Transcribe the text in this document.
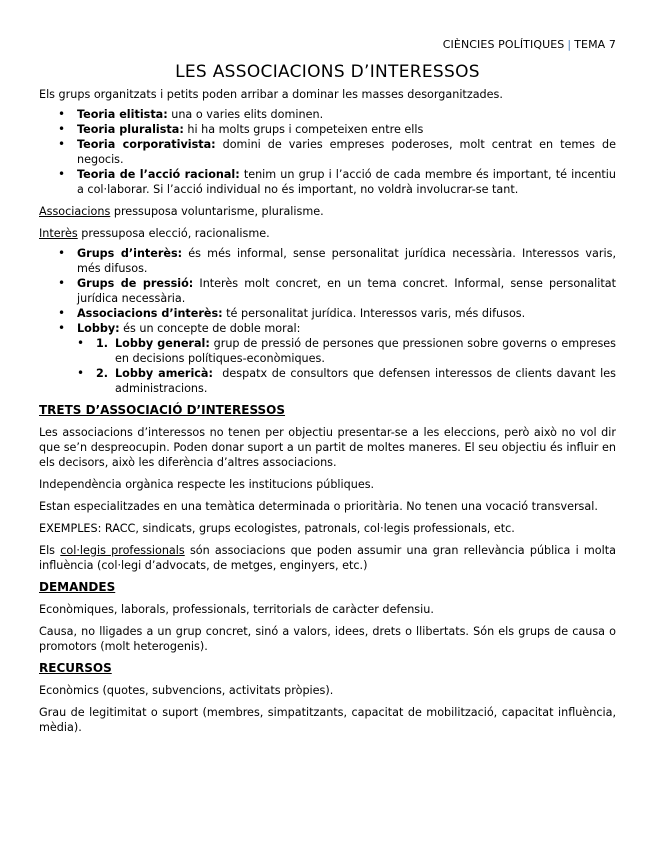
CIÈNCIES POLÍTIQUES | TEMA 7
LES ASSOCIACIONS D’INTERESSOS

Els grups organitzats i petits poden arribar a dominar les masses desorganitzades.

• Teoria elitista: una o varies elits dominen.
• Teoria pluralista: hi ha molts grups i competeixen entre ells
• Teoria corporativista: domini de varies empreses poderoses, molt centrat en temes de negocis.
• Teoria de l’acció racional: tenim un grup i l’acció de cada membre és important, té incentiu a col·laborar. Si l’acció individual no és important, no voldrà involucrar-se tant.

Associacions pressuposa voluntarisme, pluralisme.

Interès pressuposa elecció, racionalisme.

• Grups d’interès: és més informal, sense personalitat jurídica necessària. Interessos varis, més difusos.
• Grups de pressió: Interès molt concret, en un tema concret. Informal, sense personalitat jurídica necessària.
• Associacions d’interès: té personalitat jurídica. Interessos varis, més difusos.
• Lobby: és un concepte de doble moral:
• 1. Lobby general: grup de pressió de persones que pressionen sobre governs o empreses en decisions polítiques-econòmiques.
• 2. Lobby americà:  despatx de consultors que defensen interessos de clients davant les administracions.
TRETS D’ASSOCIACIÓ D’INTERESSOS

Les associacions d’interessos no tenen per objectiu presentar-se a les eleccions, però això no vol dir que se’n despreocupin. Poden donar suport a un partit de moltes maneres. El seu objectiu és influir en els decisors, això les diferència d’altres associacions.

Independència orgànica respecte les institucions públiques.

Estan especialitzades en una temàtica determinada o prioritària. No tenen una vocació transversal.

EXEMPLES: RACC, sindicats, grups ecologistes, patronals, col·legis professionals, etc.

Els col·legis professionals són associacions que poden assumir una gran rellevància pública i molta influència (col·legi d’advocats, de metges, enginyers, etc.)

DEMANDES

Econòmiques, laborals, professionals, territorials de caràcter defensiu.

Causa, no lligades a un grup concret, sinó a valors, idees, drets o llibertats. Són els grups de causa o promotors (molt heterogenis).

RECURSOS

Econòmics (quotes, subvencions, activitats pròpies).

Grau de legitimitat o suport (membres, simpatitzants, capacitat de mobilització, capacitat influència, mèdia).
